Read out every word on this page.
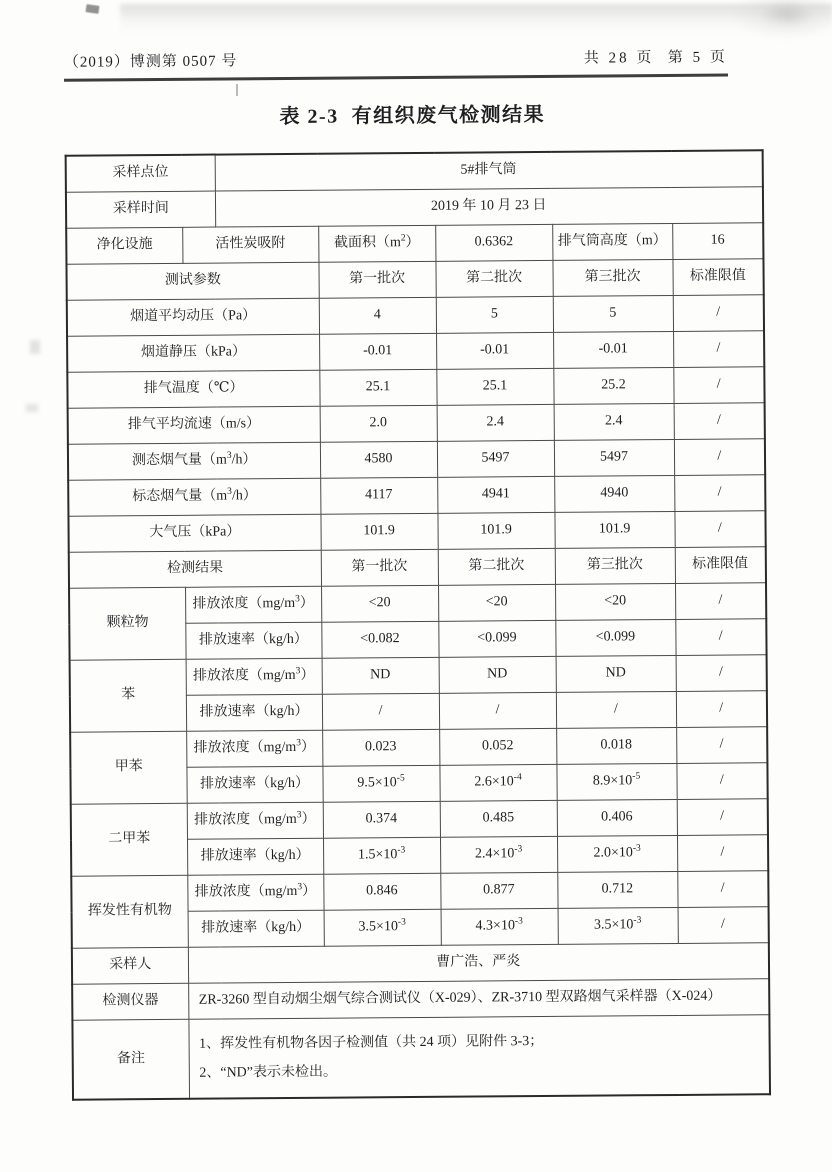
（2019）博测第 0507 号	共 28 页  第 5 页
表 2-3  有组织废气检测结果
采样点位		5#排气筒				
采样时间		2019 年 10 月 23 日				
净化设施	活性炭吸附		截面积$(m^2)$	0.6362	排气筒高度（m）	16
测试参数			第一批次	第二批次	第三批次	标准限值
烟道平均动压（Pa）			4	5	5	/
烟道静压（kPa）			-0.01	-0.01	-0.01	/
排气温度（℃）			25.1	25.1	25.2	/
排气平均流速（m/s）			2.0	2.4	2.4	/
测态烟气量$(m^3/h)$			4580	5497	5497	/
标态烟气量$(m^3/h)$			4117	4941	4940	/
大气压（kPa）			101.9	101.9	101.9	/
检测结果			第一批次	第二批次	第三批次	标准限值
颗粒物	排放浓度$(mg/m^3)$		<20	<20	<20	/
	排放速率（kg/h）		<0.082	<0.099	<0.099	/
苯	排放浓度$(mg/m^3)$		ND	ND	ND	/
	排放速率（kg/h）		/	/	/	/
甲苯	排放浓度$(mg/m^3)$		0.023	0.052	0.018	/
	排放速率（kg/h）		$9.5\times 10^{-5}$	$2.6\times 10^{-4}$	$8.9\times 10^{-5}$	/
二甲苯	排放浓度$(mg/m^3)$		0.374	0.485	0.406	/
	排放速率（kg/h）		$1.5\times 10^{-3}$	$2.4\times 10^{-3}$	$2.0\times 10^{-3}$	/
挥发性有机物	排放浓度$(mg/m^3)$		0.846	0.877	0.712	/
	排放速率（kg/h）		$3.5\times 10^{-3}$	$4.3\times 10^{-3}$	$3.5\times 10^{-3}$	/
采样人	曹广浩、严炎					
检测仪器	ZR-3260 型自动烟尘烟气综合测试仪（X-029）、ZR-3710 型双路烟气采样器（X-024）					
备注	1、挥发性有机物各因子检测值（共 24 项）见附件 3-3；
2、“ND”表示未检出。					
